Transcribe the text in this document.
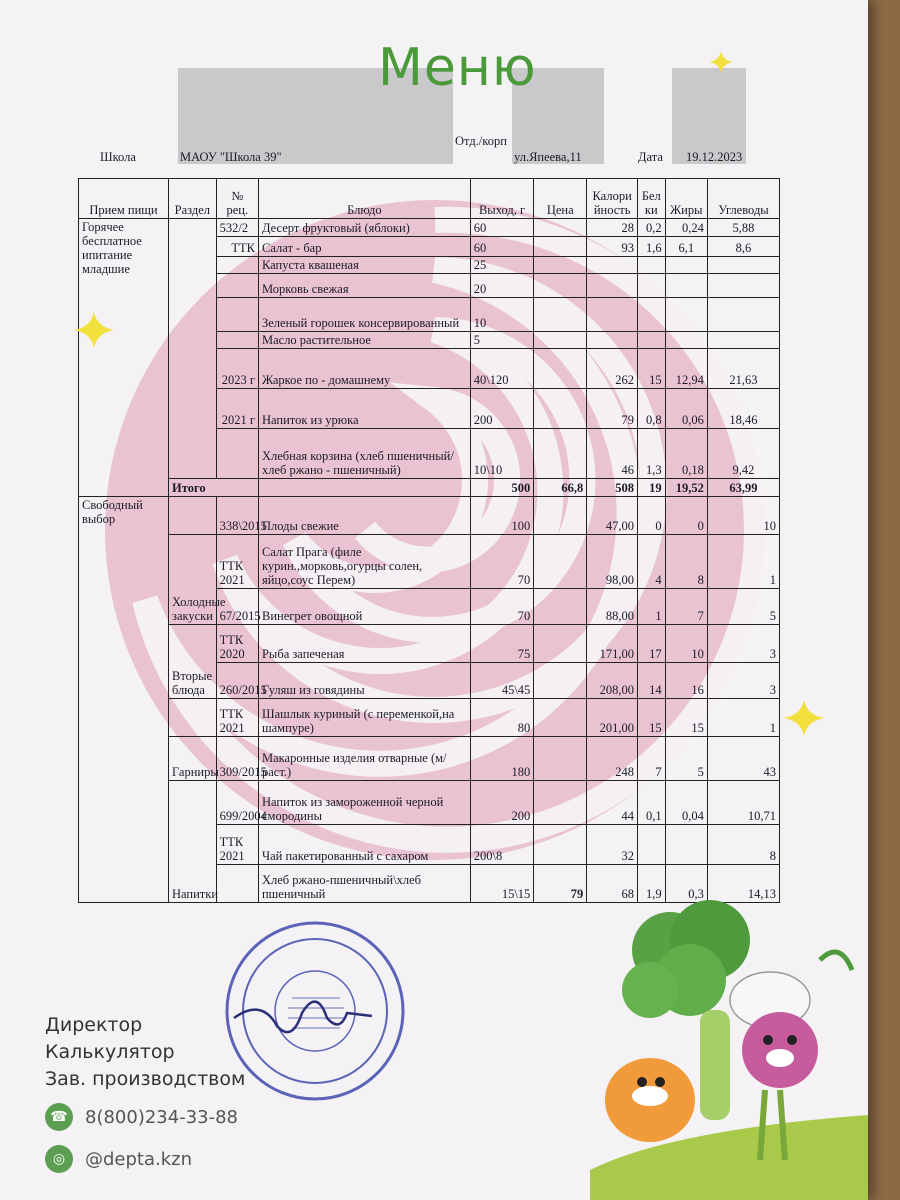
Меню
Школа	МАОУ "Школа 39"
Отд./корп
ул.Япеева,11	Дата 19.12.2023
Прием пищи	Раздел	№ рец.	Блюдо	Выход, г	Цена	Калорийность	Белки	Жиры	Углеводы
Горячее бесплатное ипитание младшие		532/2	Десерт фруктовый (яблоки)	60		28	0,2	0,24	5,88
		ТТК	Салат - бар	60		93	1,6	6,1	8,6
			Капуста квашеная	25					
			Морковь свежая	20					
			Зеленый горошек консервированный	10					
			Масло растительное	5					
		2023 г	Жаркое по - домашнему	40\120		262	15	12,94	21,63
		2021 г	Напиток из урюка	200		79	0,8	0,06	18,46
			Хлебная корзина (хлеб пшеничный/хлеб ржано - пшеничный)	10\10		46	1,3	0,18	9,42
	Итого			500	66,8	508	19	19,52	63,99
Свободный выбор		338\2015	Плоды свежие	100		47,00	0	0	10
	Холодные закуски	ТТК 2021	Салат Прага (филе курин.,морковь,огурцы солен, яйцо,соус Перем)	70		98,00	4	8	1
		67/2015	Винегрет овощной	70		88,00	1	7	5
	Вторые блюда	ТТК 2020	Рыба запеченая	75		171,00	17	10	3
		260/2015	Гуляш из говядины	45\45		208,00	14	16	3
		ТТК 2021	Шашлык куриный (с переменкой,на шампуре)	80		201,00	15	15	1
	Гарниры	309/2015	Макаронные изделия отварные (м/раст.)	180		248	7	5	43
	Напитки	699/2004	Напиток из замороженной черной смородины	200		44	0,1	0,04	10,71
		ТТК 2021	Чай пакетированный с сахаром	200\8		32			8
			Хлеб ржано-пшеничный\хлеб пшеничный	15\15	79	68	1,9	0,3	14,13
Директор
Калькулятор
Зав. производством
☎ 8(800)234-33-88
◎	@depta.kzn
